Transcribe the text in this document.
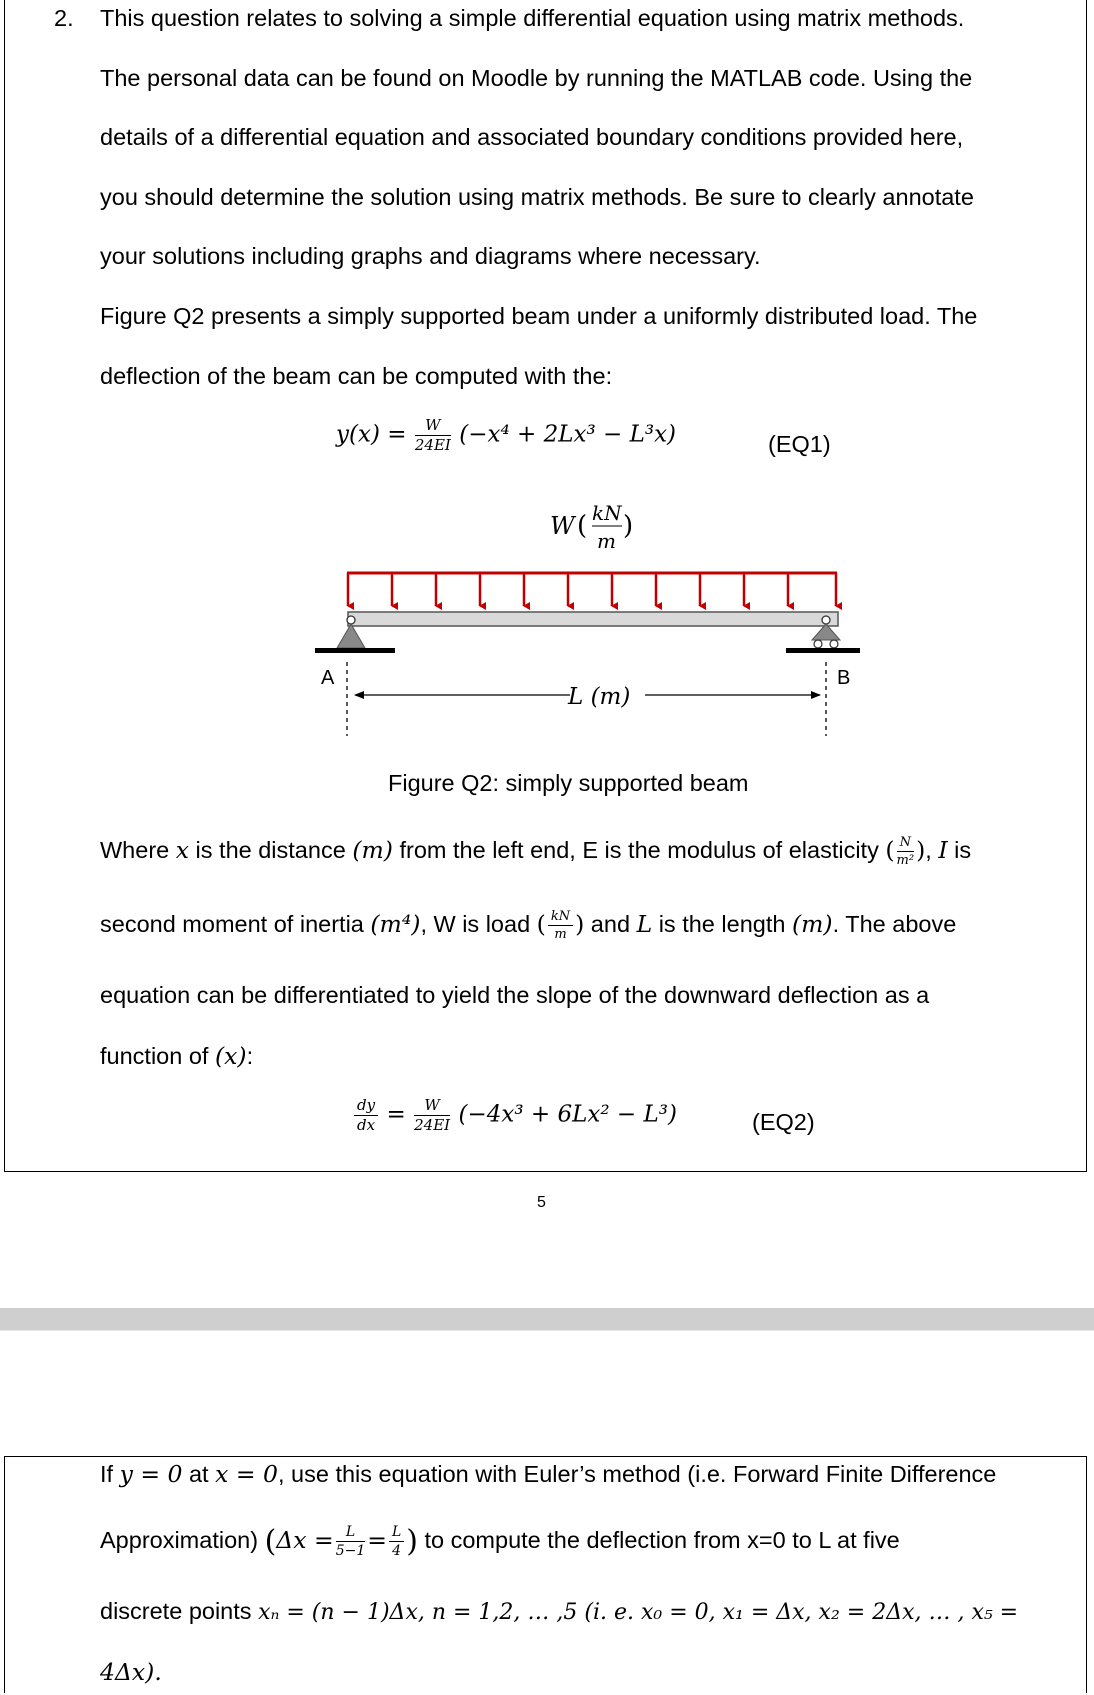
2. This question relates to solving a simple differential equation using matrix methods.
The personal data can be found on Moodle by running the MATLAB code. Using the
details of a differential equation and associated boundary conditions provided here,
you should determine the solution using matrix methods. Be sure to clearly annotate
your solutions including graphs and diagrams where necessary.
Figure Q2 presents a simply supported beam under a uniformly distributed load. The
deflection of the beam can be computed with the:
$y(x) = \frac{W}{24EI} (-x^4 + 2Lx^3 - L^3x)$	(EQ1)
W ( kN
m )
A	B
L (m)
Figure Q2: simply supported beam
Where x is the distance (m) from the left end, E is the modulus of elasticity ( $\frac{N}{\text{m²}}$ ), I is
second moment of inertia (m⁴), W is load ( $\frac{kN}{m}$ ) and L is the length (m). The above
equation can be differentiated to yield the slope of the downward deflection as a
function of (x):
$\frac{dy}{dx} = \frac{W}{24EI} (-4x^3 + 6Lx^2 - L^3)$	(EQ2)
5
If y = 0 at x = 0, use this equation with Euler’s method (i.e. Forward Finite Difference
Approximation) ($\Delta x = \frac{L}{5-1} = \frac{L}{4}$ ) to compute the deflection from x=0 to L at five
discrete points xₙ = (n − 1)Δx, n = 1,2, … ,5 (i. e. x₀ = 0, x₁ = Δx, x₂ = 2Δx, … , x₅ =
4Δx).
